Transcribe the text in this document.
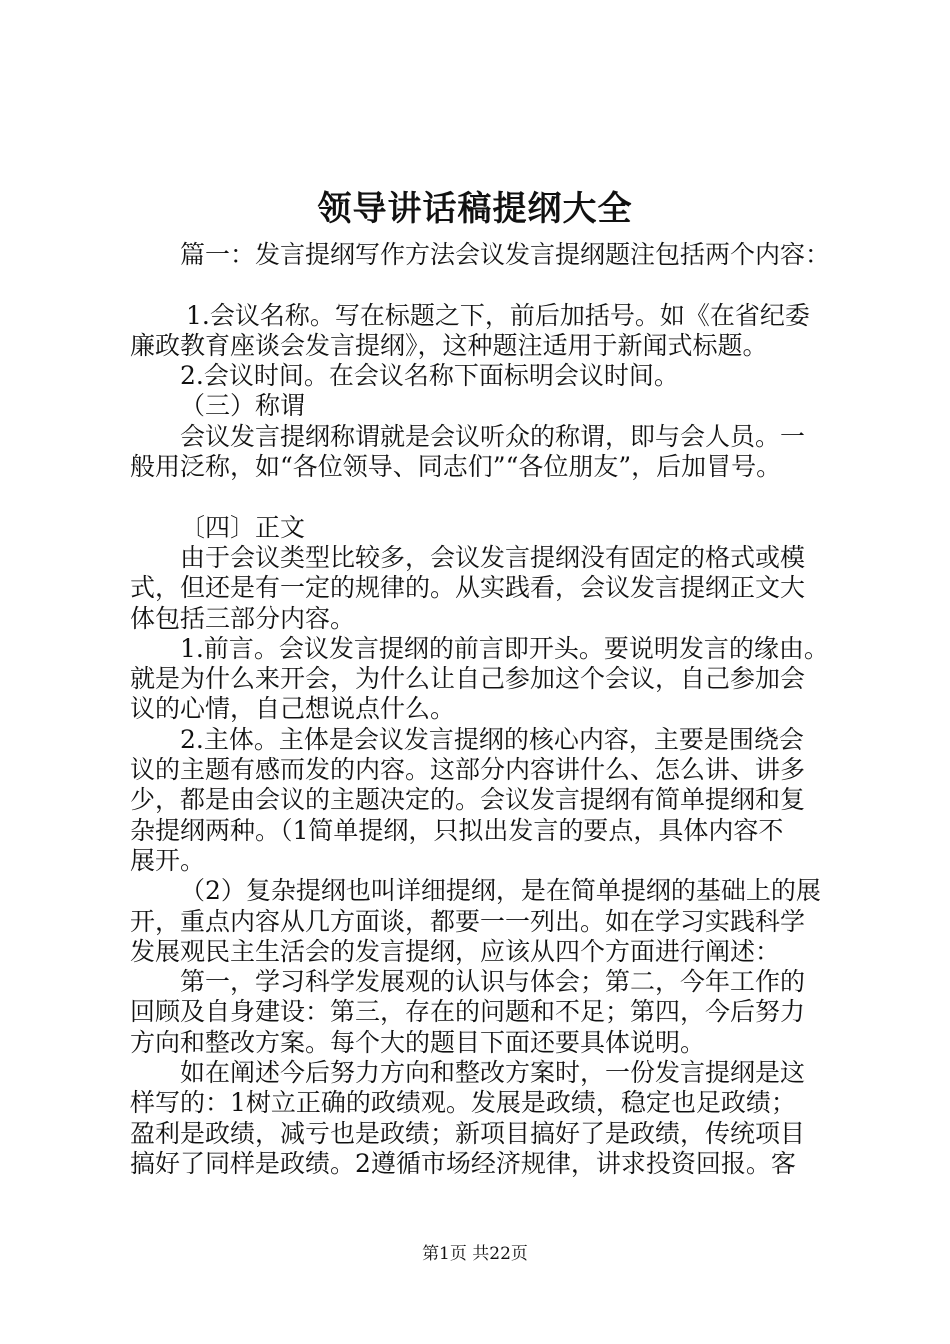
领导讲话稿提纲大全

篇一：发言提纲写作方法会议发言提纲题注包括两个内容：

1.会议名称。写在标题之下，前后加括号。如《在省纪委

廉政教育座谈会发言提纲》，这种题注适用于新闻式标题。

2.会议时间。在会议名称下面标明会议时间。

（三）称谓

会议发言提纲称谓就是会议听众的称谓，即与会人员。一

般用泛称，如“各位领导、同志们”“各位朋友”，后加冒号。

〔四〕正文

由于会议类型比较多，会议发言提纲没有固定的格式或模

式，但还是有一定的规律的。从实践看，会议发言提纲正文大

体包括三部分内容。

1.前言。会议发言提纲的前言即开头。要说明发言的缘由。

就是为什么来开会，为什么让自己参加这个会议，自己参加会

议的心情，自己想说点什么。

2.主体。主体是会议发言提纲的核心内容，主要是围绕会

议的主题有感而发的内容。这部分内容讲什么、怎么讲、讲多

少，都是由会议的主题决定的。会议发言提纲有简单提纲和复

杂提纲两种。（1简单提纲，只拟出发言的要点，具体内容不

展开。

（2）复杂提纲也叫详细提纲，是在简单提纲的基础上的展

开，重点内容从几方面谈，都要一一列出。如在学习实践科学

发展观民主生活会的发言提纲，应该从四个方面进行阐述：

第一，学习科学发展观的认识与体会；第二，今年工作的

回顾及自身建设：第三，存在的问题和不足；第四，今后努力

方向和整改方案。每个大的题目下面还要具体说明。

如在阐述今后努力方向和整改方案时，一份发言提纲是这

样写的：1树立正确的政绩观。发展是政绩，稳定也足政绩；

盈利是政绩，减亏也是政绩；新项目搞好了是政绩，传统项目

搞好了同样是政绩。2遵循市场经济规律，讲求投资回报。客

第1页 共22页
